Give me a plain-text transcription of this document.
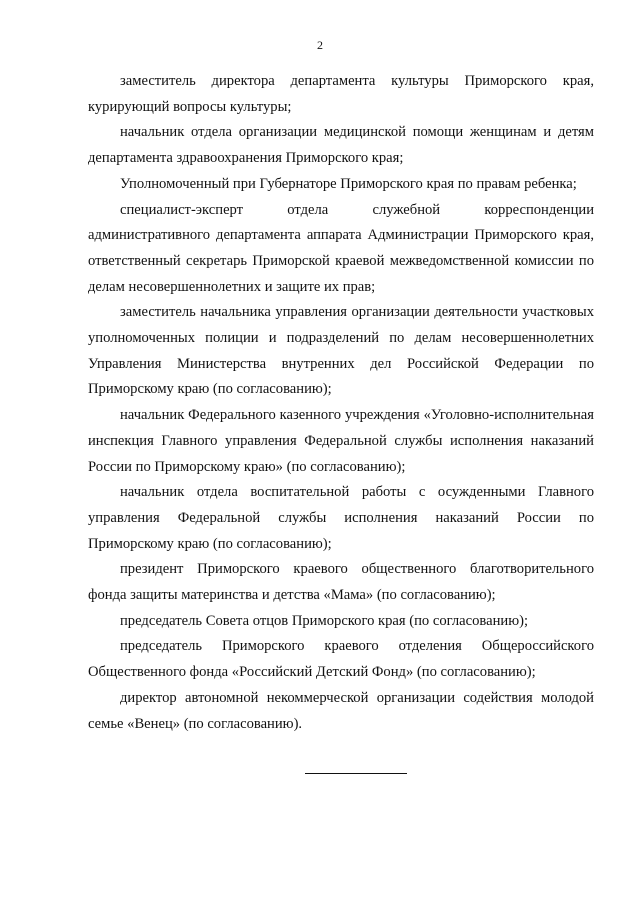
2

заместитель директора департамента культуры Приморского края, курирующий вопросы культуры;

начальник отдела организации медицинской помощи женщинам и детям департамента здравоохранения Приморского края;

Уполномоченный при Губернаторе Приморского края по правам ребенка;

специалист-эксперт отдела служебной корреспонденции административного департамента аппарата Администрации Приморского края, ответственный секретарь Приморской краевой межведомственной комиссии по делам несовершеннолетних и защите их прав;

заместитель начальника управления организации деятельности участковых уполномоченных полиции и подразделений по делам несовершеннолетних Управления Министерства внутренних дел Российской Федерации по Приморскому краю (по согласованию);

начальник Федерального казенного учреждения «Уголовно-исполнительная инспекция Главного управления Федеральной службы исполнения наказаний России по Приморскому краю» (по согласованию);

начальник отдела воспитательной работы с осужденными Главного управления Федеральной службы исполнения наказаний России по Приморскому краю (по согласованию);

президент Приморского краевого общественного благотворительного фонда защиты материнства и детства «Мама» (по согласованию);

председатель Совета отцов Приморского края (по согласованию);

председатель Приморского краевого отделения Общероссийского Общественного фонда «Российский Детский Фонд» (по согласованию);

директор автономной некоммерческой организации содействия молодой семье «Венец» (по согласованию).
